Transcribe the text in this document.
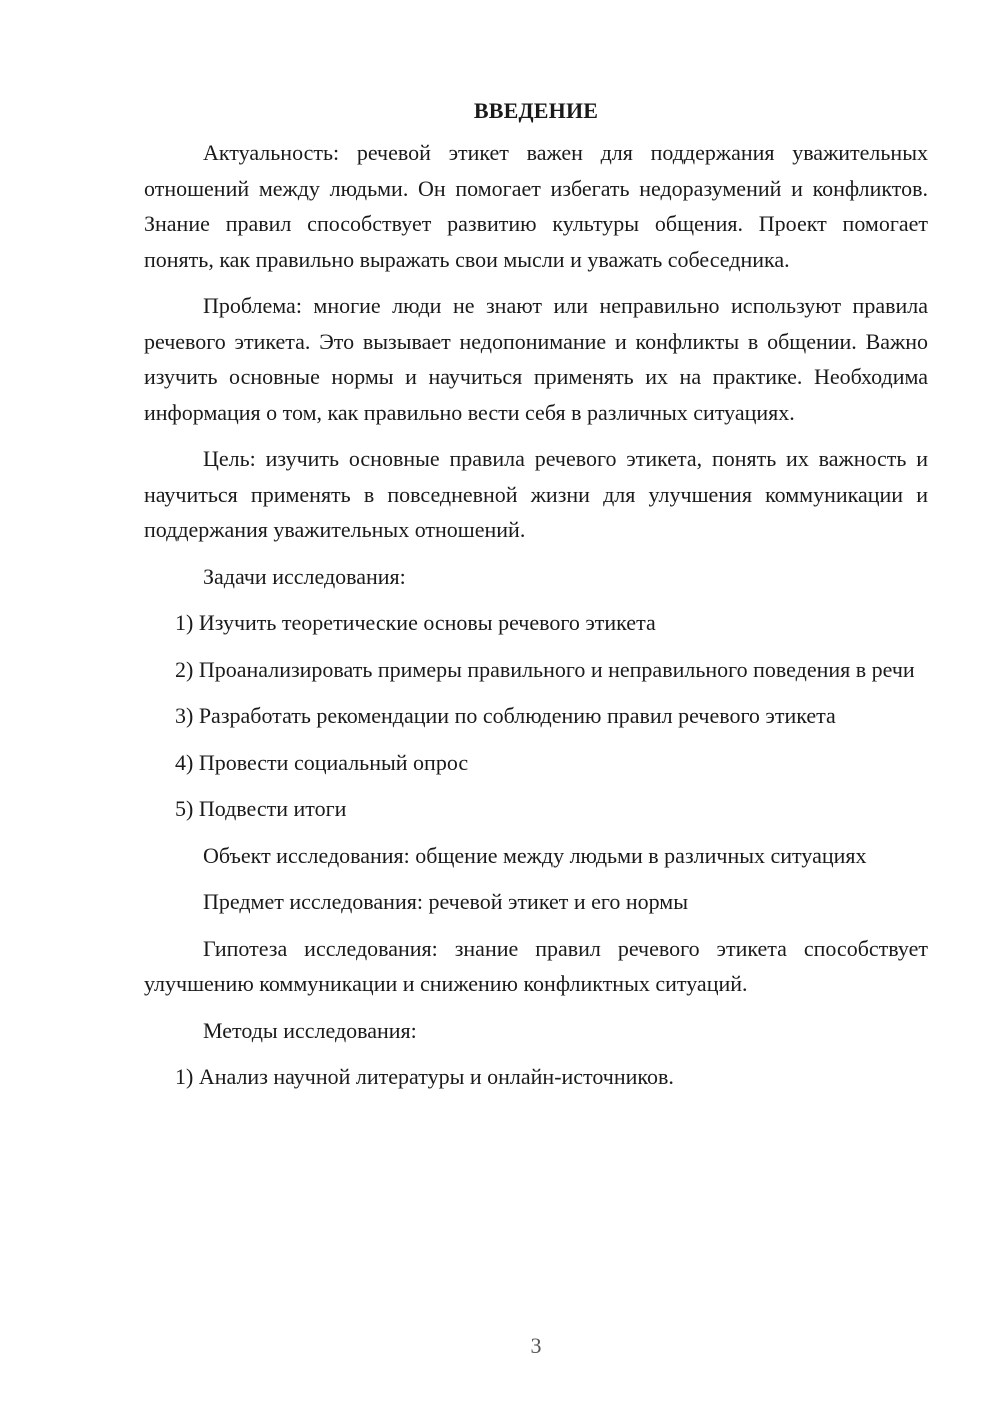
ВВЕДЕНИЕ

Актуальность: речевой этикет важен для поддержания уважительных отношений между людьми. Он помогает избегать недоразумений и конфликтов. Знание правил способствует развитию культуры общения. Проект помогает понять, как правильно выражать свои мысли и уважать собеседника.

Проблема: многие люди не знают или неправильно используют правила речевого этикета. Это вызывает недопонимание и конфликты в общении. Важно изучить основные нормы и научиться применять их на практике. Необходима информация о том, как правильно вести себя в различных ситуациях.

Цель: изучить основные правила речевого этикета, понять их важность и научиться применять в повседневной жизни для улучшения коммуникации и поддержания уважительных отношений.

Задачи исследования:

1) Изучить теоретические основы речевого этикета

2) Проанализировать примеры правильного и неправильного поведения в речи

3) Разработать рекомендации по соблюдению правил речевого этикета

4) Провести социальный опрос

5) Подвести итоги

Объект исследования: общение между людьми в различных ситуациях

Предмет исследования: речевой этикет и его нормы

Гипотеза исследования: знание правил речевого этикета способствует улучшению коммуникации и снижению конфликтных ситуаций.

Методы исследования:

1) Анализ научной литературы и онлайн-источников.

3
